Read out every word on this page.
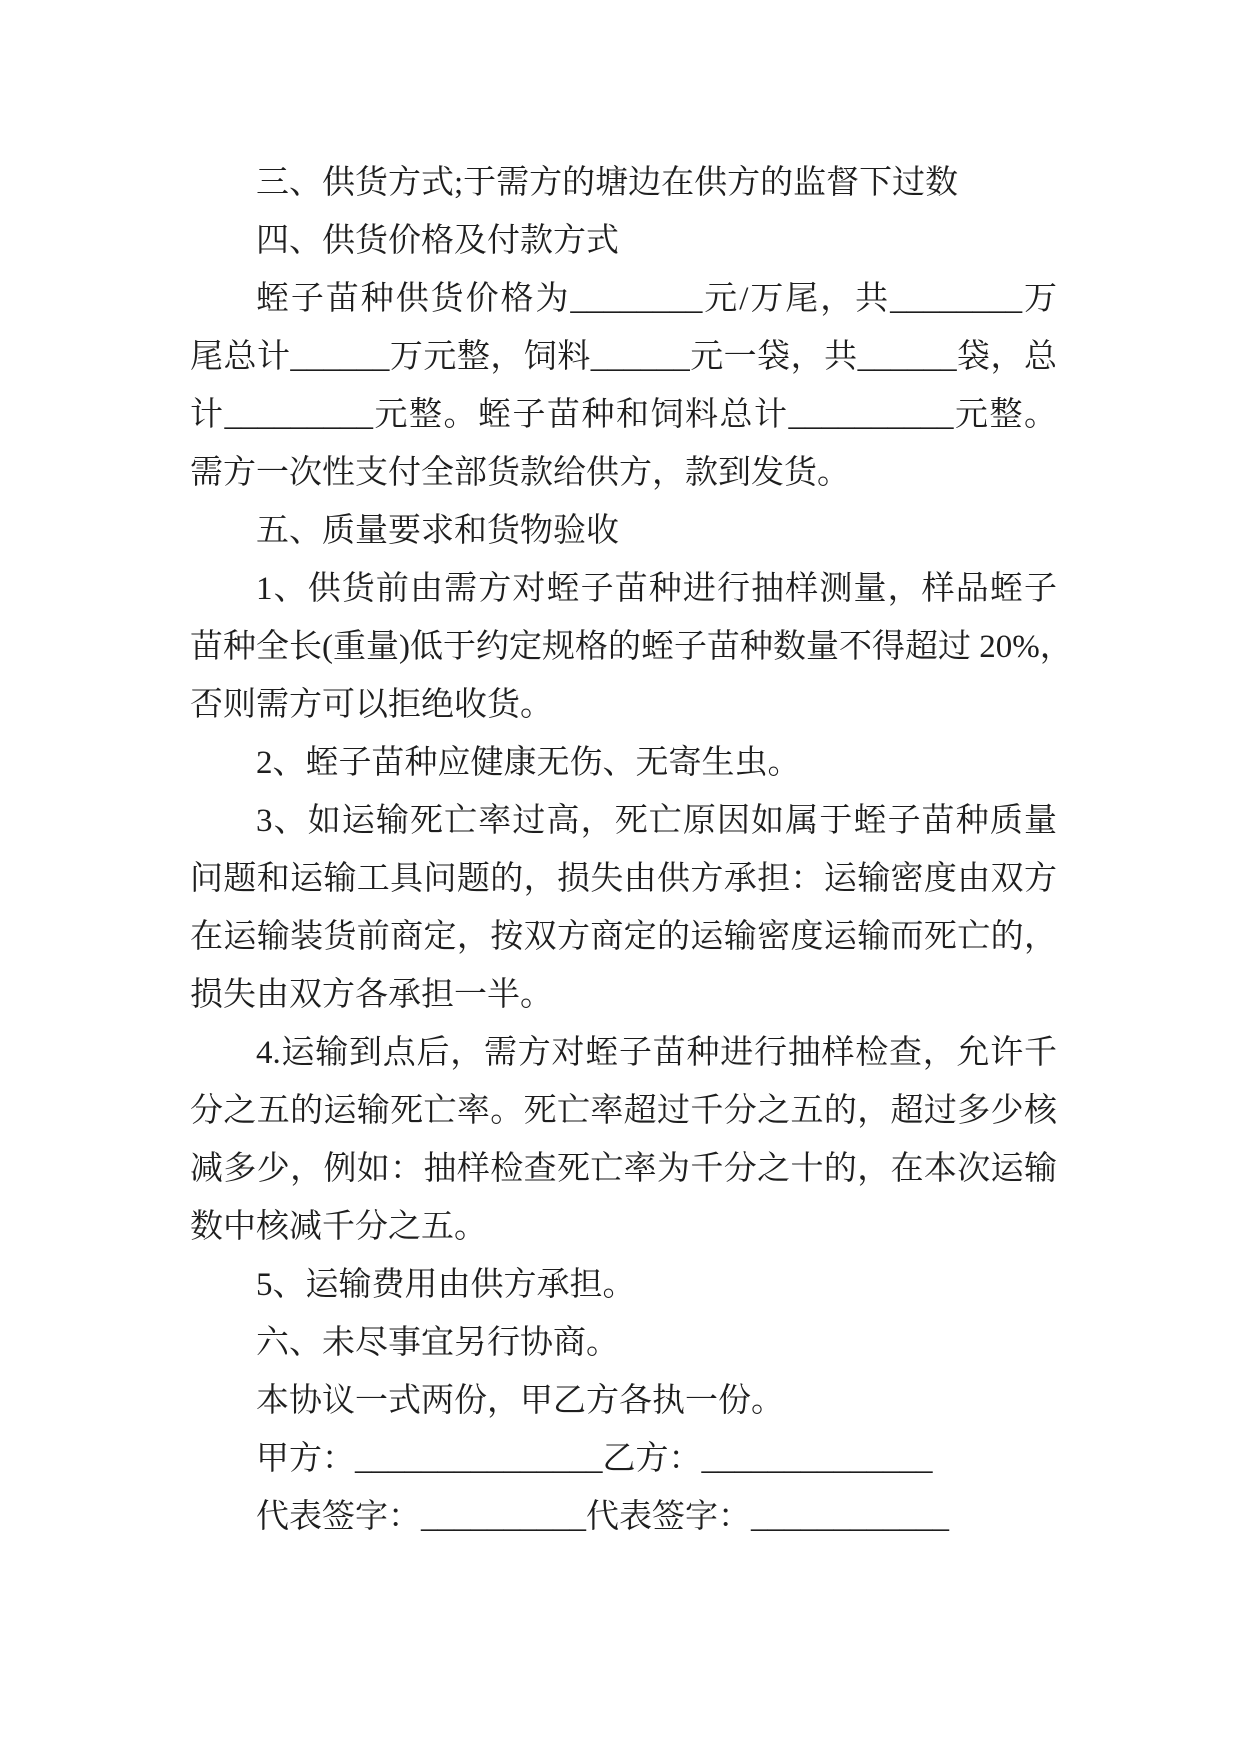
三、供货方式;于需方的塘边在供方的监督下过数
四、供货价格及付款方式
蛭子苗种供货价格为________元/万尾，共________万
尾总计______万元整，饲料______元一袋，共______袋，总
计_________元整。蛭子苗种和饲料总计__________元整。
需方一次性支付全部货款给供方，款到发货。
五、质量要求和货物验收
1、供货前由需方对蛭子苗种进行抽样测量，样品蛭子
苗种全长(重量)低于约定规格的蛭子苗种数量不得超过 20%，
否则需方可以拒绝收货。
2、蛭子苗种应健康无伤、无寄生虫。
3、如运输死亡率过高，死亡原因如属于蛭子苗种质量
问题和运输工具问题的，损失由供方承担：运输密度由双方
在运输装货前商定，按双方商定的运输密度运输而死亡的，
损失由双方各承担一半。
4.运输到点后，需方对蛭子苗种进行抽样检查，允许千
分之五的运输死亡率。死亡率超过千分之五的，超过多少核
减多少，例如：抽样检查死亡率为千分之十的，在本次运输
数中核减千分之五。
5、运输费用由供方承担。
六、未尽事宜另行协商。
本协议一式两份，甲乙方各执一份。
甲方：_______________乙方：______________
代表签字：__________代表签字：____________
